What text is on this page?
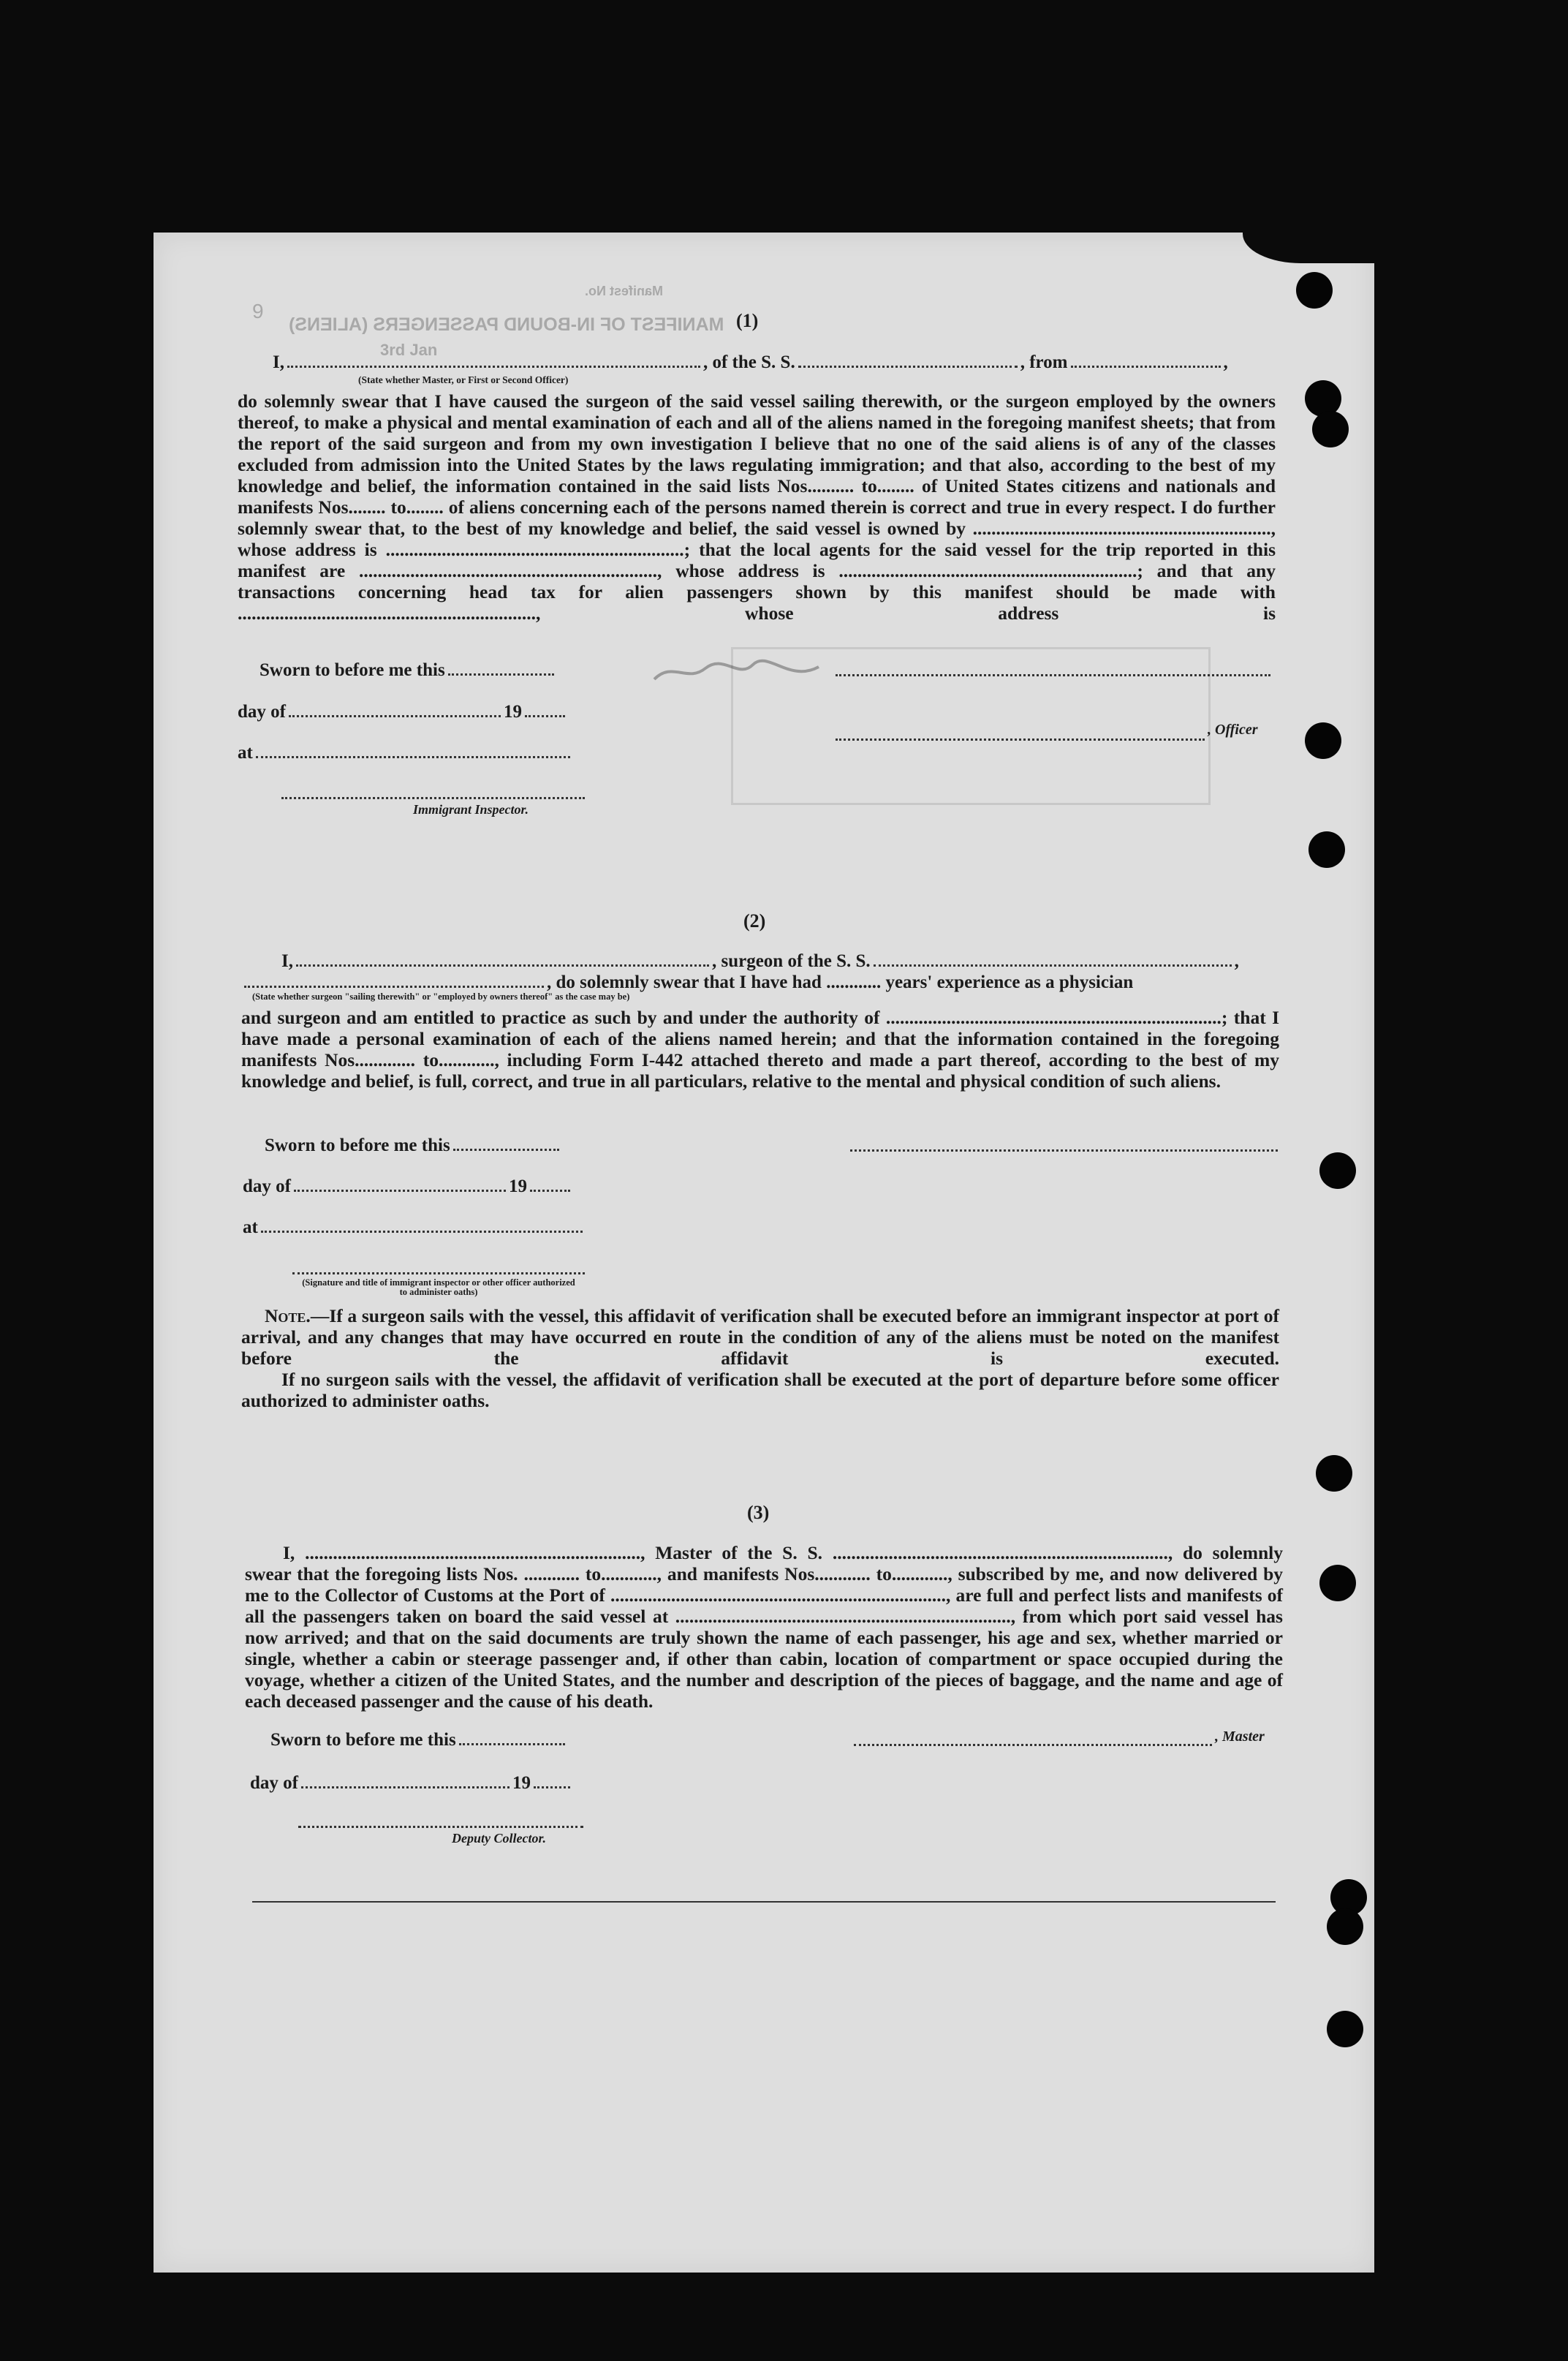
MANIFEST OF IN-BOUND PASSENGERS (ALIENS)
Manifest No.
9
3rd Jan
(1)
I,	, of the S. S.	, from	,
(State whether Master, or First or Second Officer)
do solemnly swear that I have caused the surgeon of the said vessel sailing therewith, or the surgeon employed by the owners thereof, to make a physical and mental examination of each and all of the aliens named in the foregoing manifest sheets; that from the report of the said surgeon and from my own investigation I believe that no one of the said aliens is of any of the classes excluded from admission into the United States by the laws regulating immigration; and that also, according to the best of my knowledge and belief, the information contained in the said lists Nos.......... to........ of United States citizens and nationals and manifests Nos........ to........ of aliens concerning each of the persons named therein is correct and true in every respect. I do further solemnly swear that, to the best of my knowledge and belief, the said vessel is owned by ................................................................, whose address is ................................................................; that the local agents for the said vessel for the trip reported in this manifest are ................................................................, whose address is ................................................................; and that any transactions concerning head tax for alien passengers shown by this manifest should be made with ................................................................, whose address is
Sworn to before me this
day of	19
at
, Officer
Immigrant Inspector.
(2)
I,	, surgeon of the S. S.	,
, do solemnly swear that I have had ............ years' experience as a physician
(State whether surgeon "sailing therewith" or "employed by owners thereof" as the case may be)
and surgeon and am entitled to practice as such by and under the authority of ........................................................................; that I have made a personal examination of each of the aliens named herein; and that the information contained in the foregoing manifests Nos............. to............, including Form I-442 attached thereto and made a part thereof, according to the best of my knowledge and belief, is full, correct, and true in all particulars, relative to the mental and physical condition of such aliens.
Sworn to before me this
day of	19
at
(Signature and title of immigrant inspector or other officer authorized to administer oaths)
Note.—If a surgeon sails with the vessel, this affidavit of verification shall be executed before an immigrant inspector at port of arrival, and any changes that may have occurred en route in the condition of any of the aliens must be noted on the manifest before the affidavit is executed.
If no surgeon sails with the vessel, the affidavit of verification shall be executed at the port of departure before some officer authorized to administer oaths.
(3)
I, ........................................................................, Master of the S. S. ........................................................................, do solemnly swear that the foregoing lists Nos. ............ to............, and manifests Nos............ to............, subscribed by me, and now delivered by me to the Collector of Customs at the Port of ........................................................................, are full and perfect lists and manifests of all the passengers taken on board the said vessel at ........................................................................, from which port said vessel has now arrived; and that on the said documents are truly shown the name of each passenger, his age and sex, whether married or single, whether a cabin or steerage passenger and, if other than cabin, location of compartment or space occupied during the voyage, whether a citizen of the United States, and the number and description of the pieces of baggage, and the name and age of each deceased passenger and the cause of his death.
Sworn to before me this	, Master
day of	19
Deputy Collector.
